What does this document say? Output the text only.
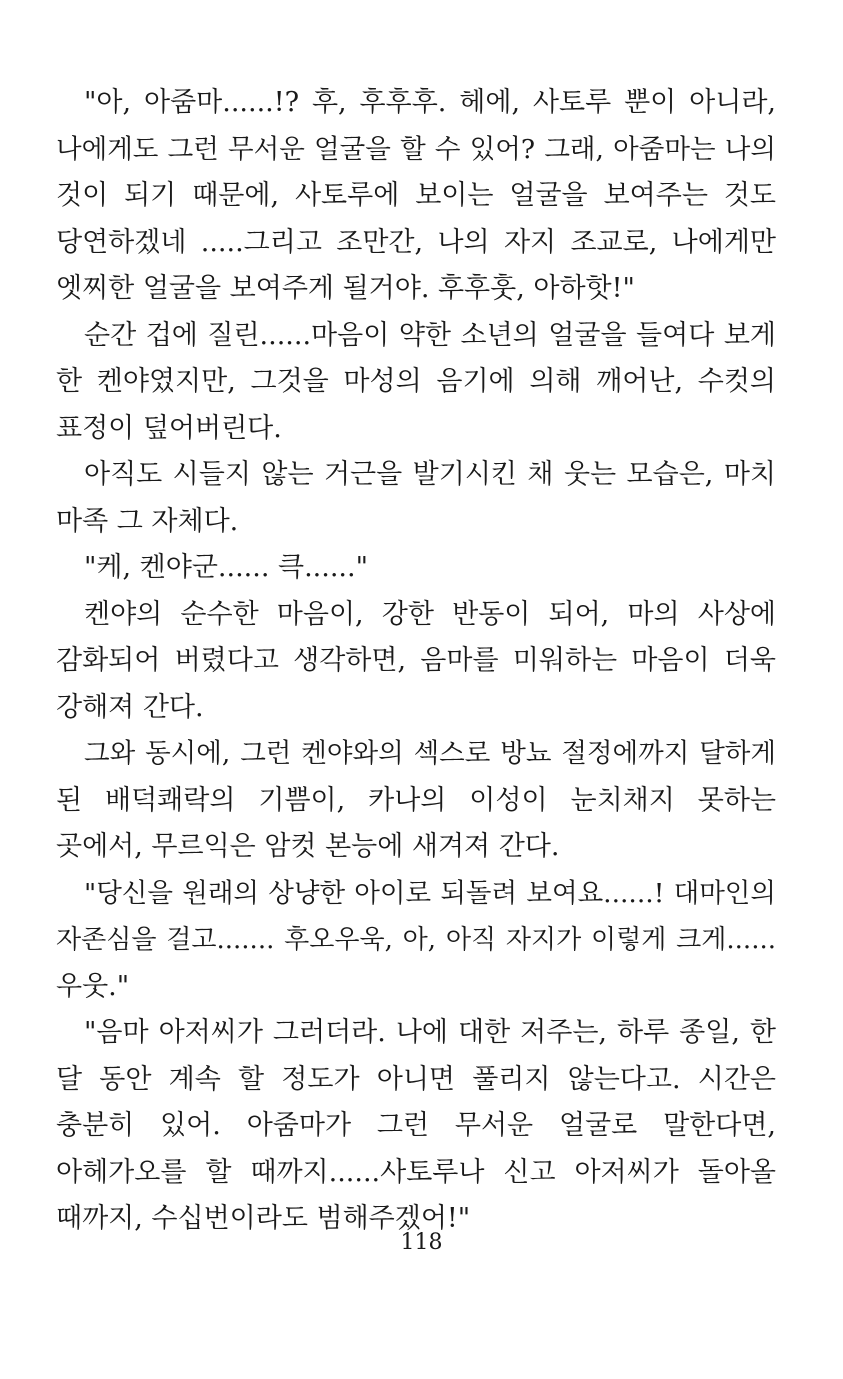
"아, 아줌마......!? 후, 후후후. 헤에, 사토루 뿐이 아니라,
나에게도 그런 무서운 얼굴을 할 수 있어? 그래, 아줌마는 나의
것이 되기 때문에, 사토루에 보이는 얼굴을 보여주는 것도
당연하겠네 .....그리고 조만간, 나의 자지 조교로, 나에게만
엣찌한 얼굴을 보여주게 될거야. 후후훗, 아하핫!"
순간 겁에 질린......마음이 약한 소년의 얼굴을 들여다 보게
한 켄야였지만, 그것을 마성의 음기에 의해 깨어난, 수컷의
표정이 덮어버린다.
아직도 시들지 않는 거근을 발기시킨 채 웃는 모습은, 마치
마족 그 자체다.
"케, 켄야군...... 큭......"
켄야의 순수한 마음이, 강한 반동이 되어, 마의 사상에
감화되어 버렸다고 생각하면, 음마를 미워하는 마음이 더욱
강해져 간다.
그와 동시에, 그런 켄야와의 섹스로 방뇨 절정에까지 달하게
된 배덕쾌락의 기쁨이, 카나의 이성이 눈치채지 못하는
곳에서, 무르익은 암컷 본능에 새겨져 간다.
"당신을 원래의 상냥한 아이로 되돌려 보여요......! 대마인의
자존심을 걸고....... 후오우욱, 아, 아직 자지가 이렇게 크게......
우웃."
"음마 아저씨가 그러더라. 나에 대한 저주는, 하루 종일, 한
달 동안 계속 할 정도가 아니면 풀리지 않는다고. 시간은
충분히 있어. 아줌마가 그런 무서운 얼굴로 말한다면,
아헤가오를 할 때까지......사토루나 신고 아저씨가 돌아올
때까지, 수십번이라도 범해주겠어!"
118
